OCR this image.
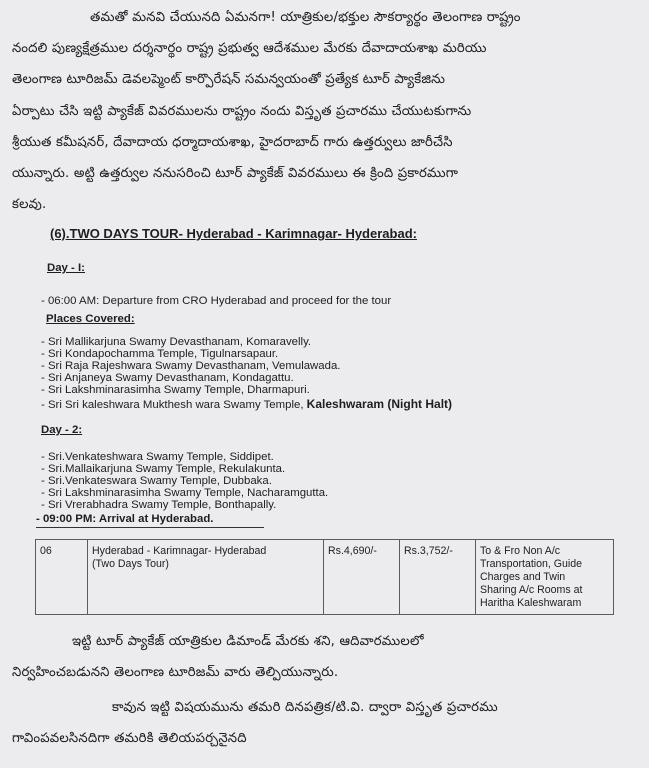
తమతో మనవి చేయునది ఏమనగా! యాత్రికుల/భక్తుల సౌకర్యార్థం తెలంగాణ రాష్ట్రం
నందలి పుణ్యక్షేత్రముల దర్శనార్థం రాష్ట్ర ప్రభుత్వ ఆదేశముల మేరకు దేవాదాయశాఖ మరియు
తెలంగాణ టూరిజమ్ డెవలప్మెంట్ కార్పొరేషన్ సమన్వయంతో ప్రత్యేక టూర్ ప్యాకేజిను
ఏర్పాటు చేసి ఇట్టి ప్యాకేజ్ వివరములను రాష్ట్రం నందు విస్తృత ప్రచారము చేయుటకుగాను
శ్రీయుత కమీషనర్, దేవాదాయ ధర్మాదాయశాఖ, హైదరాబాద్ గారు ఉత్తర్వులు జారీచేసి
యున్నారు. అట్టి ఉత్తర్వుల ననుసరించి టూర్ ప్యాకేజ్ వివరములు ఈ క్రింది ప్రకారముగా
కలవు.
(6).TWO DAYS TOUR- Hyderabad - Karimnagar- Hyderabad:
Day - I:
- 06:00 AM: Departure from CRO Hyderabad and proceed for the tour
Places Covered:
- Sri Mallikarjuna Swamy Devasthanam, Komaravelly.
- Sri Kondapochamma Temple, Tigulnarsapaur.
- Sri Raja Rajeshwara Swamy Devasthanam, Vemulawada.
- Sri Anjaneya Swamy Devasthanam, Kondagattu.
- Sri Lakshminarasimha Swamy Temple, Dharmapuri.
- Sri Sri kaleshwara Mukthesh wara Swamy Temple, Kaleshwaram (Night Halt)
Day - 2:
- Sri.Venkateshwara Swamy Temple, Siddipet.
- Sri.Mallaikarjuna Swamy Temple, Rekulakunta.
- Sri.Venkateswara Swamy Temple, Dubbaka.
- Sri Lakshminarasimha Swamy Temple, Nacharamgutta.
- Sri Vrerabhadra Swamy Temple, Bonthapally.
- 09:00 PM: Arrival at Hyderabad.
06	Hyderabad - Karimnagar- Hyderabad
(Two Days Tour)
	Rs.4,690/-	Rs.3,752/-	To & Fro Non A/c
Transportation, Guide
Charges and Twin
Sharing A/c Rooms at
Haritha Kaleshwaram
ఇట్టి టూర్ ప్యాకేజ్ యాత్రికుల డిమాండ్ మేరకు శని, ఆదివారములలో
నిర్వహించబడునని తెలంగాణ టూరిజమ్ వారు తెల్పియున్నారు.
కావున ఇట్టి విషయమును తమరి దినపత్రిక/టి.వి. ద్వారా విస్తృత ప్రచారము
గావింపవలసినదిగా తమరికి తెలియపర్చనైనది
